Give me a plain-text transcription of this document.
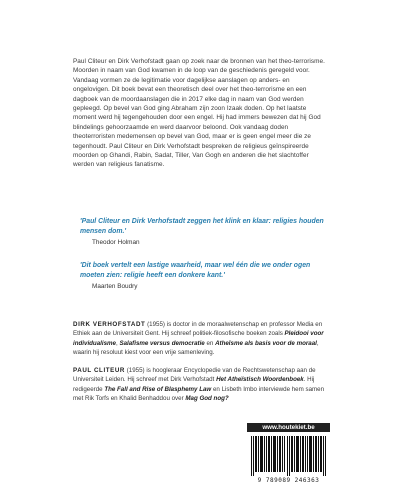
Paul Cliteur en Dirk Verhofstadt gaan op zoek naar de bronnen van het theo-terrorisme. Moorden in naam van God kwamen in de loop van de geschiedenis geregeld voor. Vandaag vormen ze de legitimatie voor dagelijkse aanslagen op anders- en ongelovigen. Dit boek bevat een theoretisch deel over het theo-terrorisme en een dagboek van de moordaanslagen die in 2017 elke dag in naam van God werden gepleegd. Op bevel van God ging Abraham zijn zoon Izaak doden. Op het laatste moment werd hij tegengehouden door een engel. Hij had immers bewezen dat hij God blindelings gehoorzaamde en werd daarvoor beloond. Ook vandaag doden theoterroristen medemensen op bevel van God, maar er is geen engel meer die ze tegenhoudt. Paul Cliteur en Dirk Verhofstadt bespreken de religieus geïnspireerde moorden op Ghandi, Rabin, Sadat, Tiller, Van Gogh en anderen die het slachtoffer werden van religieus fanatisme.

'Paul Cliteur en Dirk Verhofstadt zeggen het klink en klaar: religies houden mensen dom.'

Theodor Holman

'Dit boek vertelt een lastige waarheid, maar wel één die we onder ogen moeten zien: religie heeft een donkere kant.'

Maarten Boudry

DIRK VERHOFSTADT (1955) is doctor in de moraalwetenschap en professor Media en Ethiek aan de Universiteit Gent. Hij schreef politiek-filosofische boeken zoals Pleidooi voor individualisme, Salafisme versus democratie en Atheïsme als basis voor de moraal, waarin hij resoluut kiest voor een vrije samenleving.

PAUL CLITEUR (1955) is hoogleraar Encyclopedie van de Rechtswetenschap aan de Universiteit Leiden. Hij schreef met Dirk Verhofstadt Het Atheïstisch Woordenboek. Hij redigeerde The Fall and Rise of Blasphemy Law en Lisbeth Imbo interviewde hem samen met Rik Torfs en Khalid Benhaddou over Mag God nog?

www.houtekiet.be
9 789089 246363
